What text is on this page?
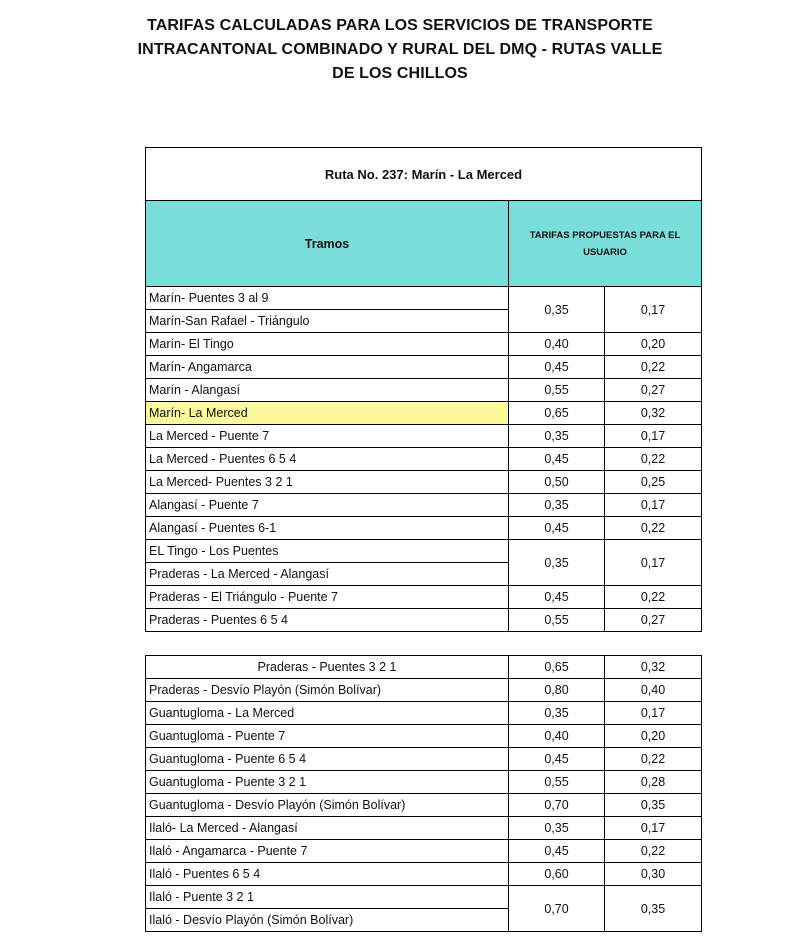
TARIFAS CALCULADAS PARA LOS SERVICIOS DE TRANSPORTE
INTRACANTONAL COMBINADO Y RURAL DEL DMQ - RUTAS VALLE
DE LOS CHILLOS
Ruta No. 237: Marín - La Merced		
Tramos	TARIFAS PROPUESTAS PARA EL USUARIO	
Marín- Puentes 3 al 9	0,35	0,17
Marín-San Rafael - Triángulo		
Marín- El Tingo	0,40	0,20
Marín- Angamarca	0,45	0,22
Marín - Alangasí	0,55	0,27
Marín- La Merced	0,65	0,32
La Merced - Puente 7	0,35	0,17
La Merced - Puentes 6 5 4	0,45	0,22
La Merced- Puentes 3 2 1	0,50	0,25
Alangasí - Puente 7	0,35	0,17
Alangasí - Puentes 6-1	0,45	0,22
EL Tingo - Los Puentes	0,35	0,17
Praderas - La Merced - Alangasí		
Praderas - El Triángulo - Puente 7	0,45	0,22
Praderas - Puentes 6 5 4	0,55	0,27
Praderas - Puentes 3 2 1	0,65	0,32
Praderas - Desvío Playón (Simón Bolívar)	0,80	0,40
Guantugloma - La Merced	0,35	0,17
Guantugloma - Puente 7	0,40	0,20
Guantugloma - Puente 6 5 4	0,45	0,22
Guantugloma - Puente 3 2 1	0,55	0,28
Guantugloma - Desvío Playón (Simón Bolívar)	0,70	0,35
Ilaló- La Merced - Alangasí	0,35	0,17
Ilaló - Angamarca - Puente 7	0,45	0,22
Ilaló - Puentes 6 5 4	0,60	0,30
Ilaló - Puente 3 2 1	0,70	0,35
Ilaló - Desvío Playón (Simón Bolívar)		
